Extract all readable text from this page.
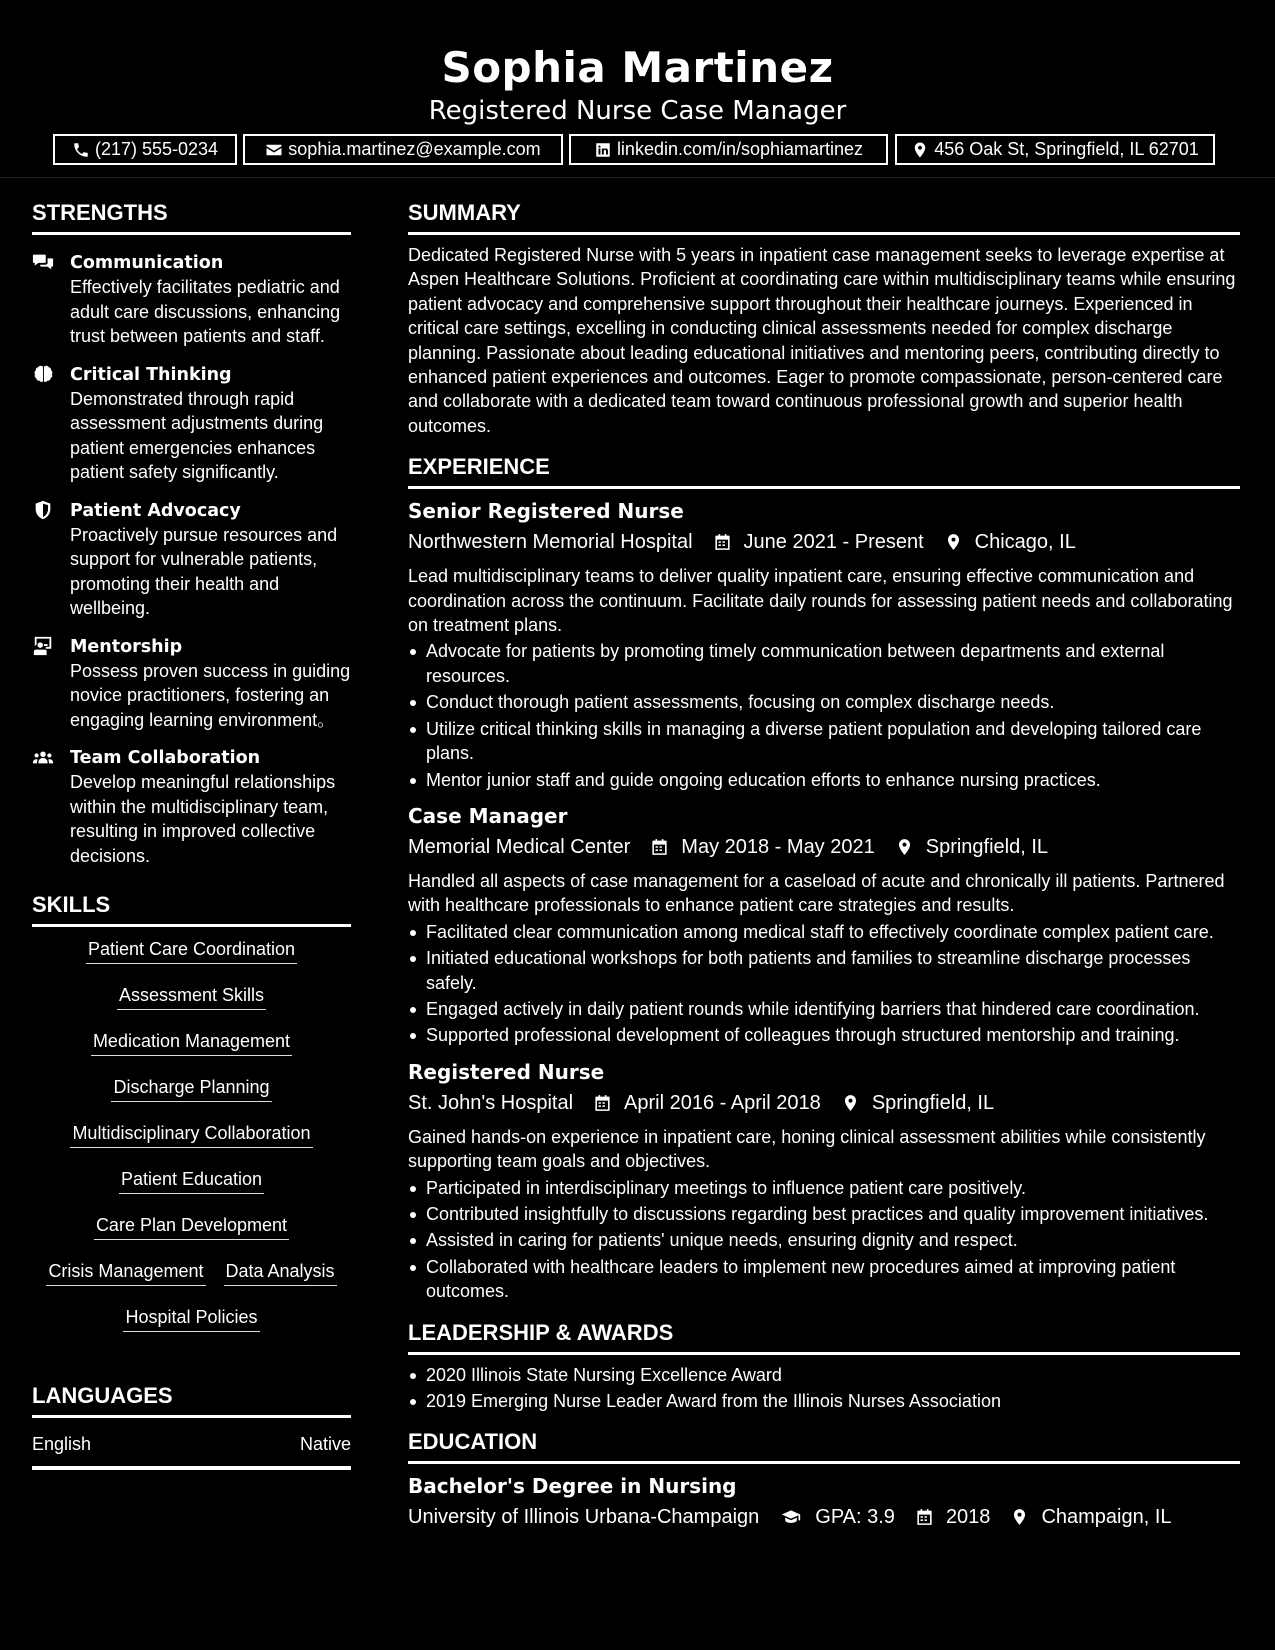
Sophia Martinez
Registered Nurse Case Manager
(217) 555-0234	sophia.martinez@example.com	linkedin.com/in/sophiamartinez	456 Oak St, Springfield, IL 62701
STRENGTHS
Communication
Effectively facilitates pediatric and adult care discussions, enhancing trust between patients and staff.
Critical Thinking
Demonstrated through rapid assessment adjustments during patient emergencies enhances patient safety significantly.
Patient Advocacy
Proactively pursue resources and support for vulnerable patients, promoting their health and wellbeing.
Mentorship
Possess proven success in guiding novice practitioners, fostering an engaging learning environment。
Team Collaboration
Develop meaningful relationships within the multidisciplinary team, resulting in improved collective decisions.
SKILLS
Patient Care Coordination
Assessment Skills
Medication Management
Discharge Planning
Multidisciplinary Collaboration
Patient Education
Care Plan Development
Crisis Management Data Analysis
Hospital Policies
LANGUAGES
English	Native
SUMMARY
Dedicated Registered Nurse with 5 years in inpatient case management seeks to leverage expertise at Aspen Healthcare Solutions. Proficient at coordinating care within multidisciplinary teams while ensuring patient advocacy and comprehensive support throughout their healthcare journeys. Experienced in critical care settings, excelling in conducting clinical assessments needed for complex discharge planning. Passionate about leading educational initiatives and mentoring peers, contributing directly to enhanced patient experiences and outcomes. Eager to promote compassionate, person-centered care and collaborate with a dedicated team toward continuous professional growth and superior health outcomes.
EXPERIENCE
Senior Registered Nurse
Northwestern Memorial Hospital	June 2021 - Present	Chicago, IL
Lead multidisciplinary teams to deliver quality inpatient care, ensuring effective communication and coordination across the continuum. Facilitate daily rounds for assessing patient needs and collaborating on treatment plans.
Advocate for patients by promoting timely communication between departments and external resources.
Conduct thorough patient assessments, focusing on complex discharge needs.
Utilize critical thinking skills in managing a diverse patient population and developing tailored care plans.
Mentor junior staff and guide ongoing education efforts to enhance nursing practices.
Case Manager
Memorial Medical Center	May 2018 - May 2021	Springfield, IL
Handled all aspects of case management for a caseload of acute and chronically ill patients. Partnered with healthcare professionals to enhance patient care strategies and results.
Facilitated clear communication among medical staff to effectively coordinate complex patient care.
Initiated educational workshops for both patients and families to streamline discharge processes safely.
Engaged actively in daily patient rounds while identifying barriers that hindered care coordination.
Supported professional development of colleagues through structured mentorship and training.
Registered Nurse
St. John's Hospital	April 2016 - April 2018	Springfield, IL
Gained hands-on experience in inpatient care, honing clinical assessment abilities while consistently supporting team goals and objectives.
Participated in interdisciplinary meetings to influence patient care positively.
Contributed insightfully to discussions regarding best practices and quality improvement initiatives.
Assisted in caring for patients' unique needs, ensuring dignity and respect.
Collaborated with healthcare leaders to implement new procedures aimed at improving patient outcomes.
LEADERSHIP & AWARDS
2020 Illinois State Nursing Excellence Award
2019 Emerging Nurse Leader Award from the Illinois Nurses Association
EDUCATION
Bachelor's Degree in Nursing
University of Illinois Urbana-Champaign	GPA: 3.9	2018	Champaign, IL
